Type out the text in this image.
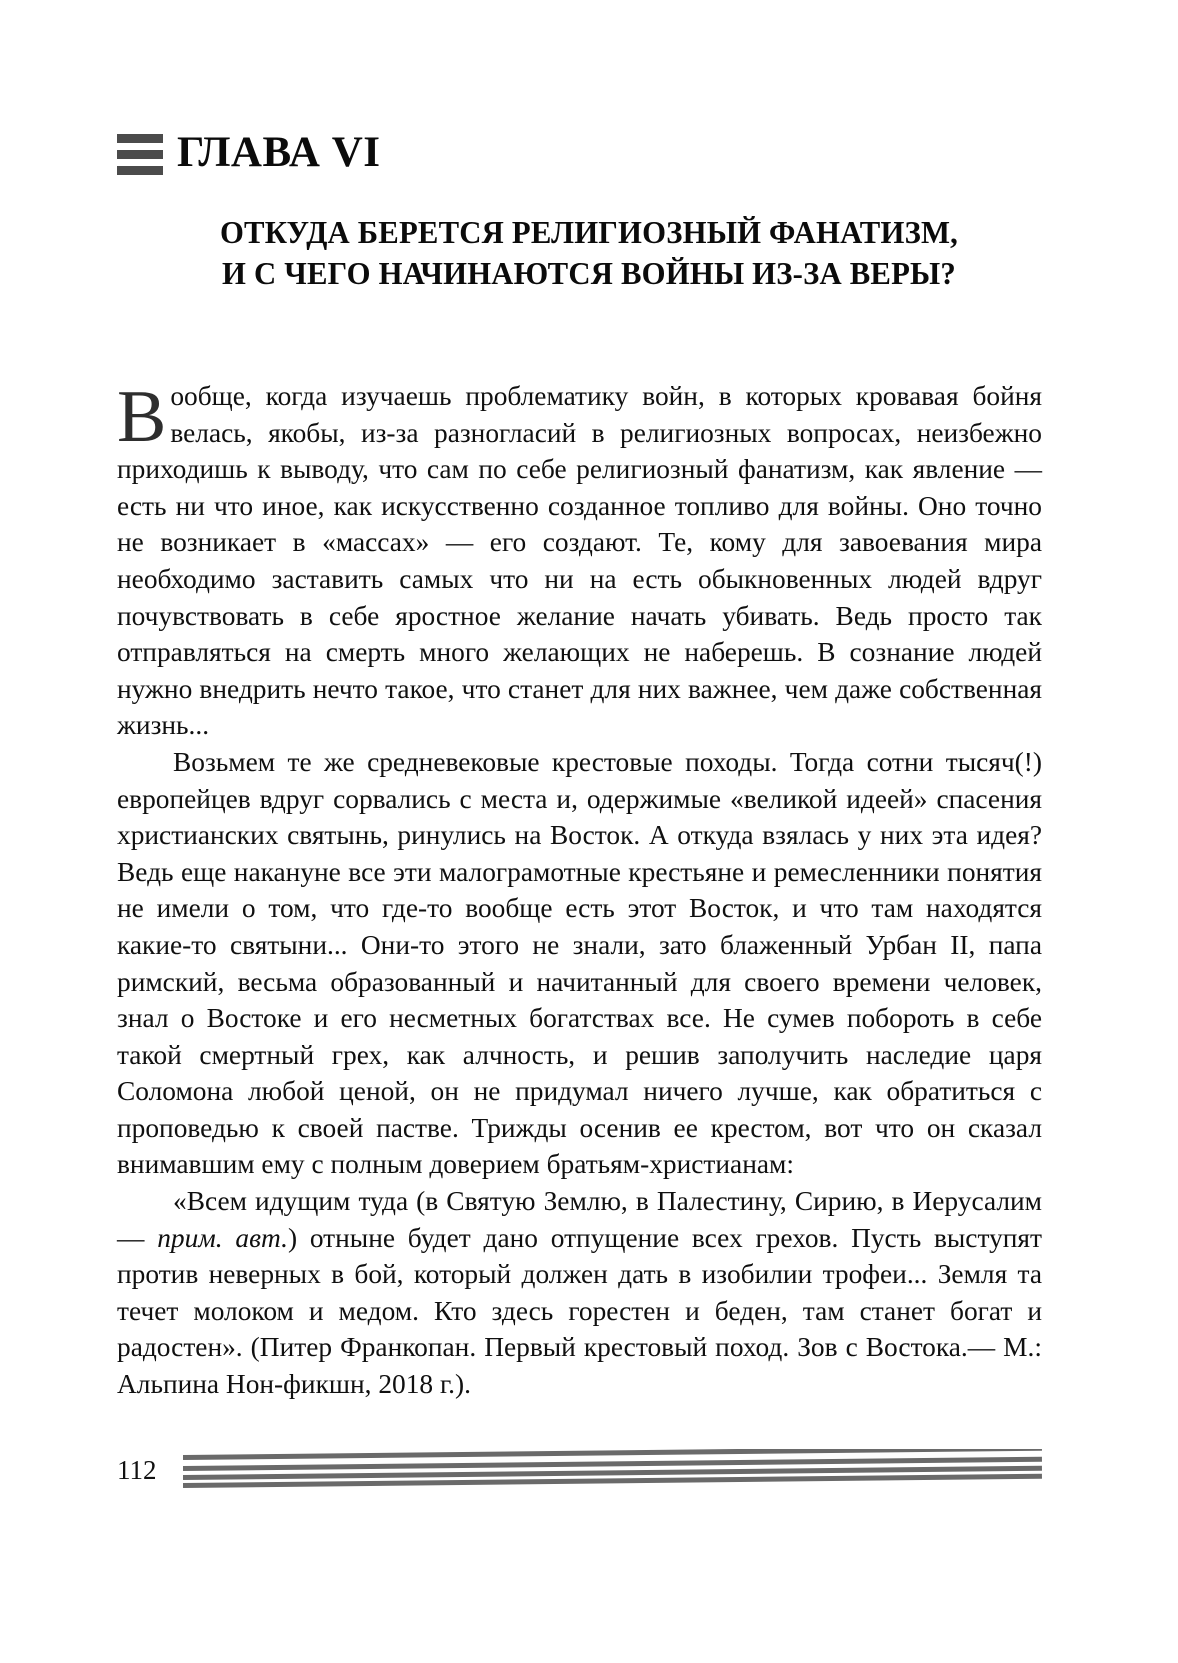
ГЛАВА VI
ОТКУДА БЕРЕТСЯ РЕЛИГИОЗНЫЙ ФАНАТИЗМ,
И С ЧЕГО НАЧИНАЮТСЯ ВОЙНЫ ИЗ-ЗА ВЕРЫ?

Вообще, когда изучаешь проблематику войн, в которых кровавая бойня велась, якобы, из-за разногласий в религиозных вопросах, неизбежно приходишь к выводу, что сам по себе религиозный фанатизм, как явление — есть ни что иное, как искусственно созданное топливо для войны. Оно точно не возникает в «массах» — его создают. Те, кому для завоевания мира необходимо заставить самых что ни на есть обыкновенных людей вдруг почувствовать в себе яростное желание начать убивать. Ведь просто так отправляться на смерть много желающих не наберешь. В сознание людей нужно внедрить нечто такое, что станет для них важнее, чем даже собственная жизнь...

Возьмем те же средневековые крестовые походы. Тогда сотни тысяч(!) европейцев вдруг сорвались с места и, одержимые «великой идеей» спасения христианских святынь, ринулись на Восток. А откуда взялась у них эта идея? Ведь еще накануне все эти малограмотные крестьяне и ремесленники понятия не имели о том, что где-то вообще есть этот Восток, и что там находятся какие-то святыни... Они-то этого не знали, зато блаженный Урбан II, папа римский, весьма образованный и начитанный для своего времени человек, знал о Востоке и его несметных богатствах все. Не сумев побороть в себе такой смертный грех, как алчность, и решив заполучить наследие царя Соломона любой ценой, он не придумал ничего лучше, как обратиться с проповедью к своей пастве. Трижды осенив ее крестом, вот что он сказал внимавшим ему с полным доверием братьям-христианам:

«Всем идущим туда (в Святую Землю, в Палестину, Сирию, в Иерусалим — прим. авт.) отныне будет дано отпущение всех грехов. Пусть выступят против неверных в бой, который должен дать в изобилии трофеи... Земля та течет молоком и медом. Кто здесь горестен и беден, там станет богат и радостен». (Питер Франкопан. Первый крестовый поход. Зов с Востока.— М.: Альпина Нон-фикшн, 2018 г.).

112
